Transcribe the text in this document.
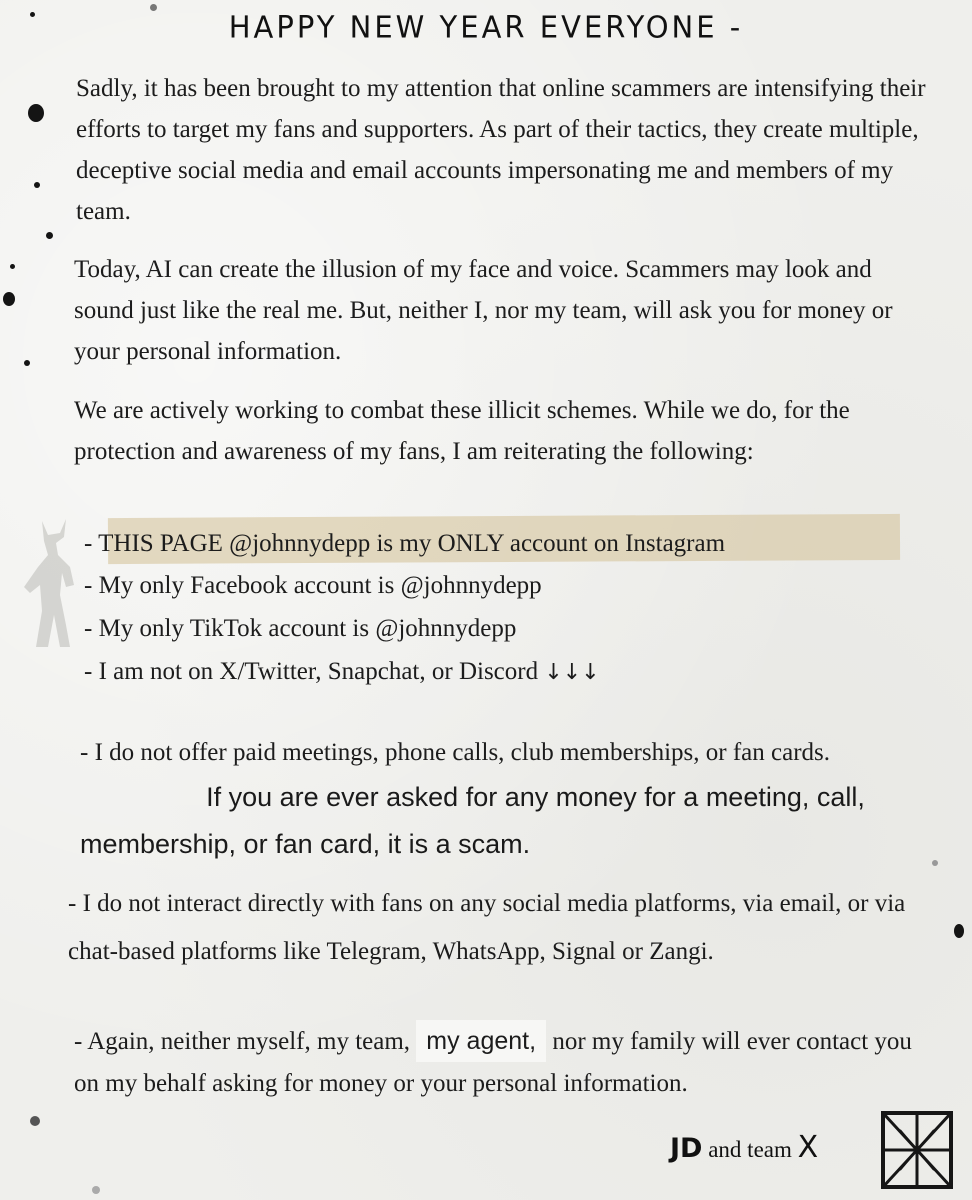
HAPPY NEW YEAR EVERYONE -
Sadly, it has been brought to my attention that online scammers are intensifying their efforts to target my fans and supporters. As part of their tactics, they create multiple, deceptive social media and email accounts impersonating me and members of my team.
Today, AI can create the illusion of my face and voice. Scammers may look and sound just like the real me. But, neither I, nor my team, will ask you for money or your personal information.
We are actively working to combat these illicit schemes. While we do, for the protection and awareness of my fans, I am reiterating the following:
- THIS PAGE @johnnydepp is my ONLY account on Instagram
- My only Facebook account is @johnnydepp
- My only TikTok account is @johnnydepp
- I am not on X/Twitter, Snapchat, or Discord ↓↓↓
- I do not offer paid meetings, phone calls, club memberships, or fan cards.
If you are ever asked for any money for a meeting, call, membership, or fan card, it is a scam.
- I do not interact directly with fans on any social media platforms, via email, or via chat-based platforms like Telegram, WhatsApp, Signal or Zangi.
- Again, neither myself, my team, my agent, nor my family will ever contact you on my behalf asking for money or your personal information.
JD and team X
